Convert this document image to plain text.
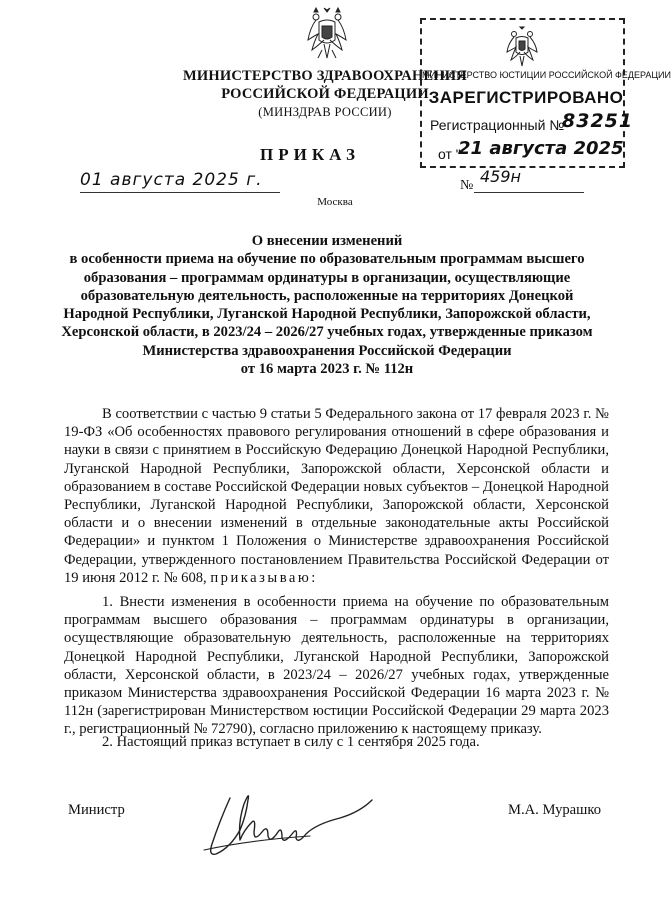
МИНИСТЕРСТВО ЗДРАВООХРАНЕНИЯ
РОССИЙСКОЙ ФЕДЕРАЦИИ
(МИНЗДРАВ РОССИИ)
МИНИСТЕРСТВО ЮСТИЦИИ РОССИЙСКОЙ ФЕДЕРАЦИИ
ЗАРЕГИСТРИРОВАНО
Регистрационный №
83251
от "
21 августа 2025
ПРИКАЗ
01 августа 2025 г.	№ 459н
Москва
О внесении изменений
в особенности приема на обучение по образовательным программам высшего
образования – программам ординатуры в организации, осуществляющие
образовательную деятельность, расположенные на территориях Донецкой
Народной Республики, Луганской Народной Республики, Запорожской области,
Херсонской области, в 2023/24 – 2026/27 учебных годах, утвержденные приказом
Министерства здравоохранения Российской Федерации
от 16 марта 2023 г. № 112н
В соответствии с частью 9 статьи 5 Федерального закона от 17 февраля 2023 г. № 19-ФЗ «Об особенностях правового регулирования отношений в сфере образования и науки в связи с принятием в Российскую Федерацию Донецкой Народной Республики, Луганской Народной Республики, Запорожской области, Херсонской области и образованием в составе Российской Федерации новых субъектов – Донецкой Народной Республики, Луганской Народной Республики, Запорожской области, Херсонской области и о внесении изменений в отдельные законодательные акты Российской Федерации» и пунктом 1 Положения о Министерстве здравоохранения Российской Федерации, утвержденного постановлением Правительства Российской Федерации от 19 июня 2012 г. № 608, приказываю:
1. Внести изменения в особенности приема на обучение по образовательным программам высшего образования – программам ординатуры в организации, осуществляющие образовательную деятельность, расположенные на территориях Донецкой Народной Республики, Луганской Народной Республики, Запорожской области, Херсонской области, в 2023/24 – 2026/27 учебных годах, утвержденные приказом Министерства здравоохранения Российской Федерации 16 марта 2023 г. № 112н (зарегистрирован Министерством юстиции Российской Федерации 29 марта 2023 г., регистрационный № 72790), согласно приложению к настоящему приказу.
2. Настоящий приказ вступает в силу с 1 сентября 2025 года.
Министр	М.А. Мурашко
